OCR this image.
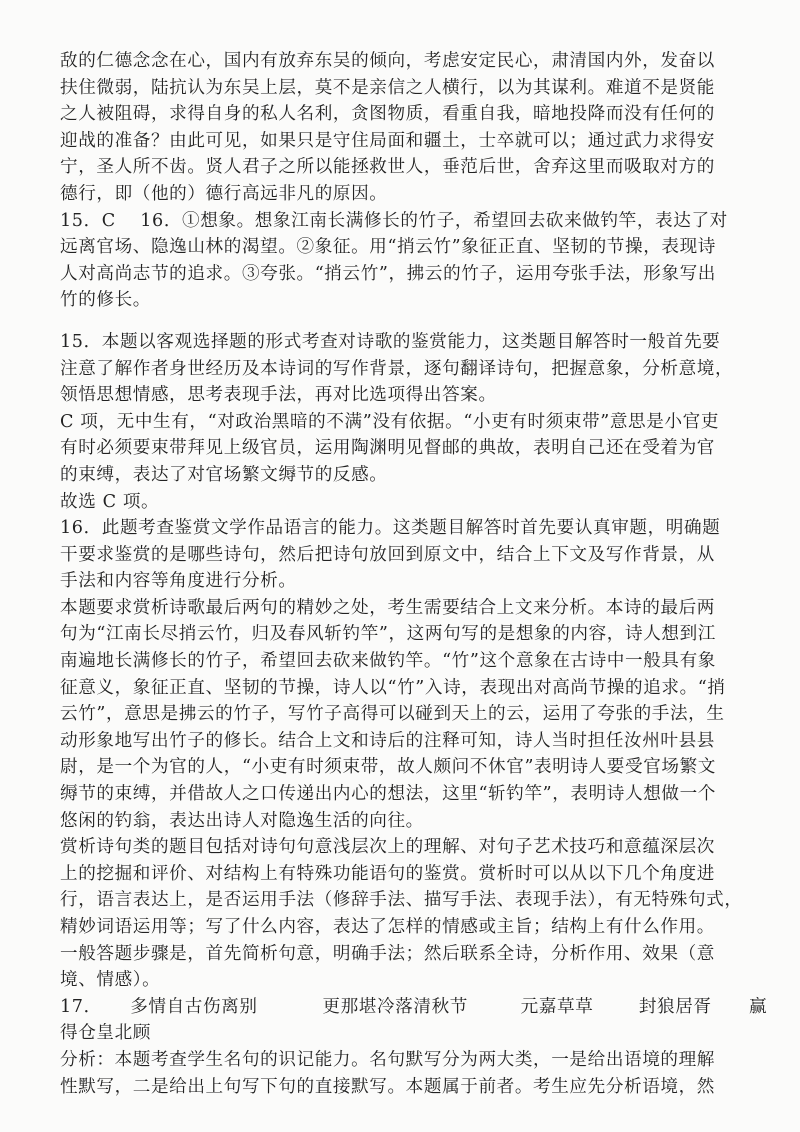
敌的仁德念念在心，国内有放弃东吴的倾向，考虑安定民心，肃清国内外，发奋以
扶住微弱，陆抗认为东吴上层，莫不是亲信之人横行，以为其谋利。难道不是贤能
之人被阻碍，求得自身的私人名利，贪图物质，看重自我，暗地投降而没有任何的
迎战的准备？由此可见，如果只是守住局面和疆土，士卒就可以；通过武力求得安
宁，圣人所不齿。贤人君子之所以能拯救世人，垂范后世，舍弃这里而吸取对方的
德行，即（他的）德行高远非凡的原因。
15．C　 16．①想象。想象江南长满修长的竹子，希望回去砍来做钓竿，表达了对
远离官场、隐逸山林的渴望。②象征。用“捎云竹”象征正直、坚韧的节操，表现诗
人对高尚志节的追求。③夸张。“捎云竹”，拂云的竹子，运用夸张手法，形象写出
竹的修长。
15．本题以客观选择题的形式考查对诗歌的鉴赏能力，这类题目解答时一般首先要
注意了解作者身世经历及本诗词的写作背景，逐句翻译诗句，把握意象，分析意境，
领悟思想情感，思考表现手法，再对比选项得出答案。
C 项，无中生有，“对政治黑暗的不满”没有依据。“小吏有时须束带”意思是小官吏
有时必须要束带拜见上级官员，运用陶渊明见督邮的典故，表明自己还在受着为官
的束缚，表达了对官场繁文缛节的反感。
故选 C 项。
16．此题考查鉴赏文学作品语言的能力。这类题目解答时首先要认真审题，明确题
干要求鉴赏的是哪些诗句，然后把诗句放回到原文中，结合上下文及写作背景，从
手法和内容等角度进行分析。
本题要求赏析诗歌最后两句的精妙之处，考生需要结合上文来分析。本诗的最后两
句为“江南长尽捎云竹，归及春风斩钓竿”，这两句写的是想象的内容，诗人想到江
南遍地长满修长的竹子，希望回去砍来做钓竿。“竹”这个意象在古诗中一般具有象
征意义，象征正直、坚韧的节操，诗人以“竹”入诗，表现出对高尚节操的追求。“捎
云竹”，意思是拂云的竹子，写竹子高得可以碰到天上的云，运用了夸张的手法，生
动形象地写出竹子的修长。结合上文和诗后的注释可知，诗人当时担任汝州叶县县
尉，是一个为官的人，“小吏有时须束带，故人颇问不休官”表明诗人要受官场繁文
缛节的束缚，并借故人之口传递出内心的想法，这里“斩钓竿”，表明诗人想做一个
悠闲的钓翁，表达出诗人对隐逸生活的向往。
赏析诗句类的题目包括对诗句句意浅层次上的理解、对句子艺术技巧和意蕴深层次
上的挖掘和评价、对结构上有特殊功能语句的鉴赏。赏析时可以从以下几个角度进
行，语言表达上，是否运用手法（修辞手法、描写手法、表现手法），有无特殊句式，
精妙词语运用等；写了什么内容，表达了怎样的情感或主旨；结构上有什么作用。
一般答题步骤是，首先简析句意，明确手法；然后联系全诗，分析作用、效果（意
境、情感）。
17． 多情自古伤离别	更那堪冷落清秋节	元嘉草草	封狼居胥 赢
得仓皇北顾
分析：本题考查学生名句的识记能力。名句默写分为两大类，一是给出语境的理解
性默写，二是给出上句写下句的直接默写。本题属于前者。考生应先分析语境，然
